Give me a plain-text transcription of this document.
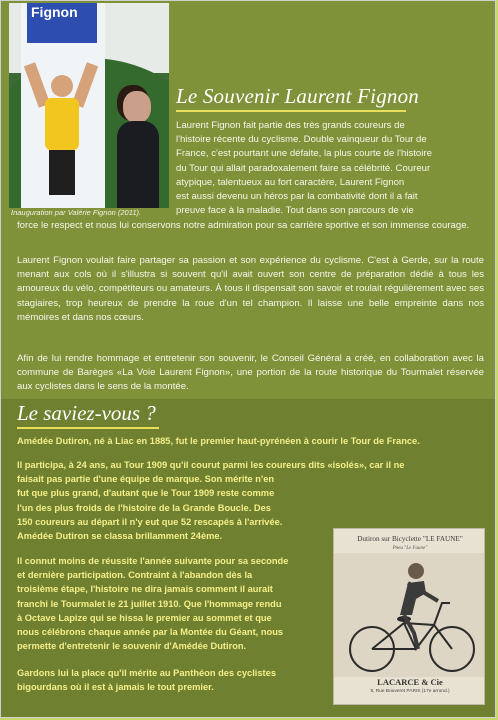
Fignon
Inauguration par Valérie Fignon (2011).
Le Souvenir Laurent Fignon
Laurent Fignon fait partie des très grands coureurs de
l'histoire récente du cyclisme. Double vainqueur du Tour de
France, c'est pourtant une défaite, la plus courte de l'histoire
du Tour qui allait paradoxalement faire sa célébrité. Coureur
atypique, talentueux au fort caractère, Laurent Fignon
est aussi devenu un héros par la combativité dont il a fait
preuve face à la maladie. Tout dans son parcours de vie
force le respect et nous lui conservons notre admiration pour sa carrière sportive et son immense courage.
Laurent Fignon voulait faire partager sa passion et son expérience du cyclisme. C'est à Gerde, sur la route menant aux cols où il s'illustra si souvent qu'il avait ouvert son centre de préparation dédié à tous les amoureux du vélo, compétiteurs ou amateurs. À tous il dispensait son savoir et roulait régulièrement avec ses stagiaires, trop heureux de prendre la roue d'un tel champion. Il laisse une belle empreinte dans nos mémoires et dans nos cœurs.
Afin de lui rendre hommage et entretenir son souvenir, le Conseil Général a créé, en collaboration avec la commune de Barèges «La Voie Laurent Fignon», une portion de la route historique du Tourmalet réservée aux cyclistes dans le sens de la montée.
Le saviez-vous ?
Amédée Dutiron, né à Liac en 1885, fut le premier haut-pyrénéen à courir le Tour de France.
Il participa, à 24 ans, au Tour 1909 qu'il courut parmi les coureurs dits «isolés», car il ne
faisait pas partie d'une équipe de marque. Son mérite n'en
fut que plus grand, d'autant que le Tour 1909 reste comme
l'un des plus froids de l'histoire de la Grande Boucle. Des
150 coureurs au départ il n'y eut que 52 rescapés à l'arrivée.
Amédée Dutiron se classa brillamment 24ème.
Il connut moins de réussite l'année suivante pour sa seconde
et dernière participation. Contraint à l'abandon dès la
troisième étape, l'histoire ne dira jamais comment il aurait
franchi le Tourmalet le 21 juillet 1910. Que l'hommage rendu
à Octave Lapize qui se hissa le premier au sommet et que
nous célébrons chaque année par la Montée du Géant, nous
permette d'entretenir le souvenir d'Amédée Dutiron.
Gardons lui la place qu'il mérite au Panthéon des cyclistes
bigourdans où il est à jamais le tout premier.
Dutiron sur Bicyclette "LE FAUNE"
Pneu "Le Faune"
LACARCE & Cie
8, Rue Bouveret PARIS (17e arrond.)
